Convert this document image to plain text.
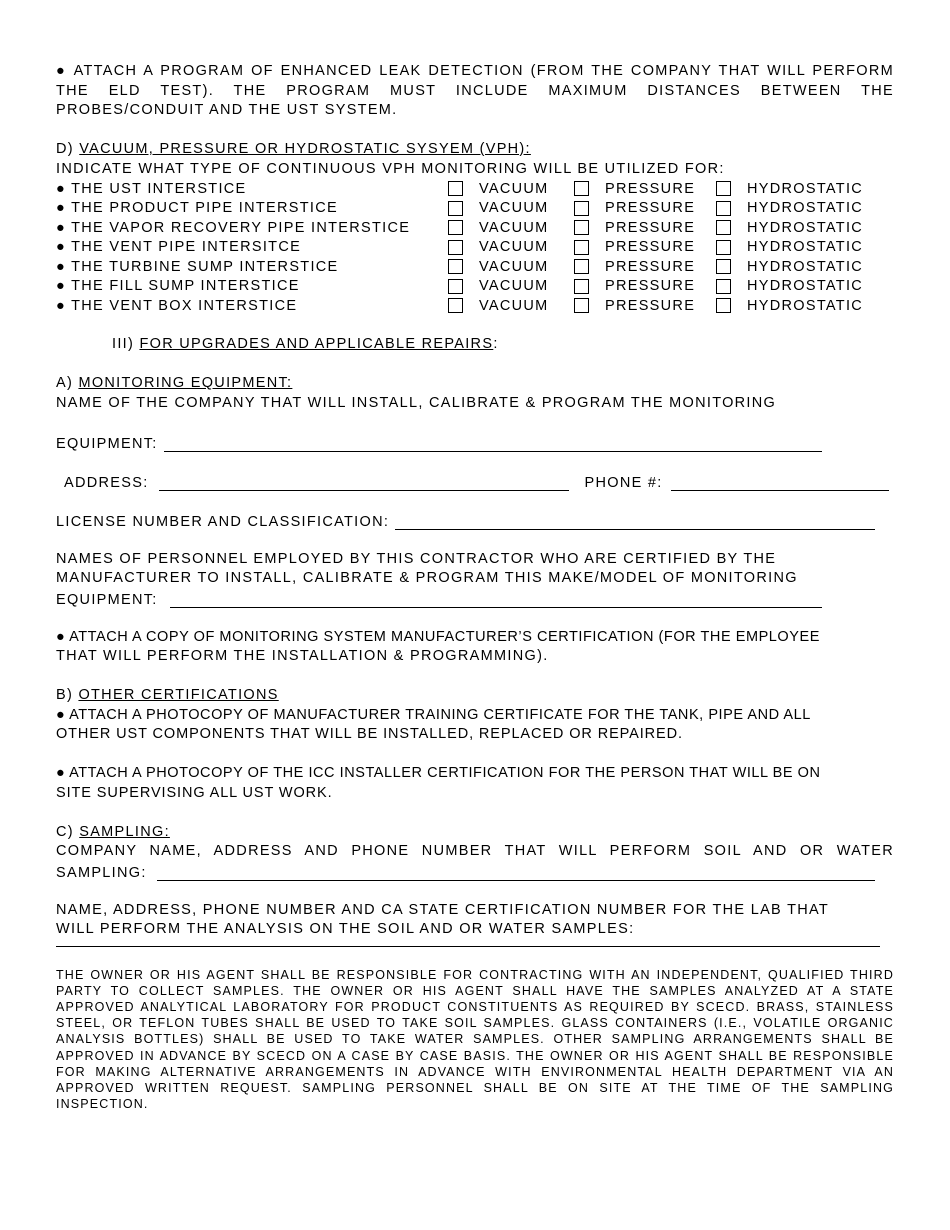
● ATTACH A PROGRAM OF ENHANCED LEAK DETECTION (FROM THE COMPANY THAT WILL PERFORM

THE ELD TEST). THE PROGRAM MUST INCLUDE MAXIMUM DISTANCES BETWEEN THE

PROBES/CONDUIT AND THE UST SYSTEM.

D) VACUUM, PRESSURE OR HYDROSTATIC SYSYEM (VPH):

INDICATE WHAT TYPE OF CONTINUOUS VPH MONITORING WILL BE UTILIZED FOR:

● THE UST INTERSTICE	VACUUM	PRESSURE	HYDROSTATIC
● THE PRODUCT PIPE INTERSTICE	VACUUM	PRESSURE	HYDROSTATIC
● THE VAPOR RECOVERY PIPE INTERSTICE	VACUUM	PRESSURE	HYDROSTATIC
● THE VENT PIPE INTERSITCE	VACUUM	PRESSURE	HYDROSTATIC
● THE TURBINE SUMP INTERSTICE	VACUUM	PRESSURE	HYDROSTATIC
● THE FILL SUMP INTERSTICE	VACUUM	PRESSURE	HYDROSTATIC
● THE VENT BOX INTERSTICE	VACUUM	PRESSURE	HYDROSTATIC

III) FOR UPGRADES AND APPLICABLE REPAIRS:

A) MONITORING EQUIPMENT:

NAME OF THE COMPANY THAT WILL INSTALL, CALIBRATE & PROGRAM THE MONITORING

EQUIPMENT:
ADDRESS:	PHONE #:
LICENSE NUMBER AND CLASSIFICATION:

NAMES OF PERSONNEL EMPLOYED BY THIS CONTRACTOR WHO ARE CERTIFIED BY THE

MANUFACTURER TO INSTALL, CALIBRATE & PROGRAM THIS MAKE/MODEL OF MONITORING

EQUIPMENT:

● ATTACH A COPY OF MONITORING SYSTEM MANUFACTURER’S CERTIFICATION (FOR THE EMPLOYEE

THAT WILL PERFORM THE INSTALLATION & PROGRAMMING).

B) OTHER CERTIFICATIONS

● ATTACH A PHOTOCOPY OF MANUFACTURER TRAINING CERTIFICATE FOR THE TANK, PIPE AND ALL

OTHER UST COMPONENTS THAT WILL BE INSTALLED, REPLACED OR REPAIRED.

● ATTACH A PHOTOCOPY OF THE ICC INSTALLER CERTIFICATION FOR THE PERSON THAT WILL BE ON

SITE SUPERVISING ALL UST WORK.

C) SAMPLING:

COMPANY NAME, ADDRESS AND PHONE NUMBER THAT WILL PERFORM SOIL AND OR WATER

SAMPLING:

NAME, ADDRESS, PHONE NUMBER AND CA STATE CERTIFICATION NUMBER FOR THE LAB THAT

WILL PERFORM THE ANALYSIS ON THE SOIL AND OR WATER SAMPLES:

THE OWNER OR HIS AGENT SHALL BE RESPONSIBLE FOR CONTRACTING WITH AN INDEPENDENT, QUALIFIED THIRD PARTY TO COLLECT SAMPLES. THE OWNER OR HIS AGENT SHALL HAVE THE SAMPLES ANALYZED AT A STATE APPROVED ANALYTICAL LABORATORY FOR PRODUCT CONSTITUENTS AS REQUIRED BY SCECD. BRASS, STAINLESS STEEL, OR TEFLON TUBES SHALL BE USED TO TAKE SOIL SAMPLES. GLASS CONTAINERS (I.E., VOLATILE ORGANIC ANALYSIS BOTTLES) SHALL BE USED TO TAKE WATER SAMPLES. OTHER SAMPLING ARRANGEMENTS SHALL BE APPROVED IN ADVANCE BY SCECD ON A CASE BY CASE BASIS. THE OWNER OR HIS AGENT SHALL BE RESPONSIBLE FOR MAKING ALTERNATIVE ARRANGEMENTS IN ADVANCE WITH ENVIRONMENTAL HEALTH DEPARTMENT VIA AN APPROVED WRITTEN REQUEST. SAMPLING PERSONNEL SHALL BE ON SITE AT THE TIME OF THE SAMPLING INSPECTION.
